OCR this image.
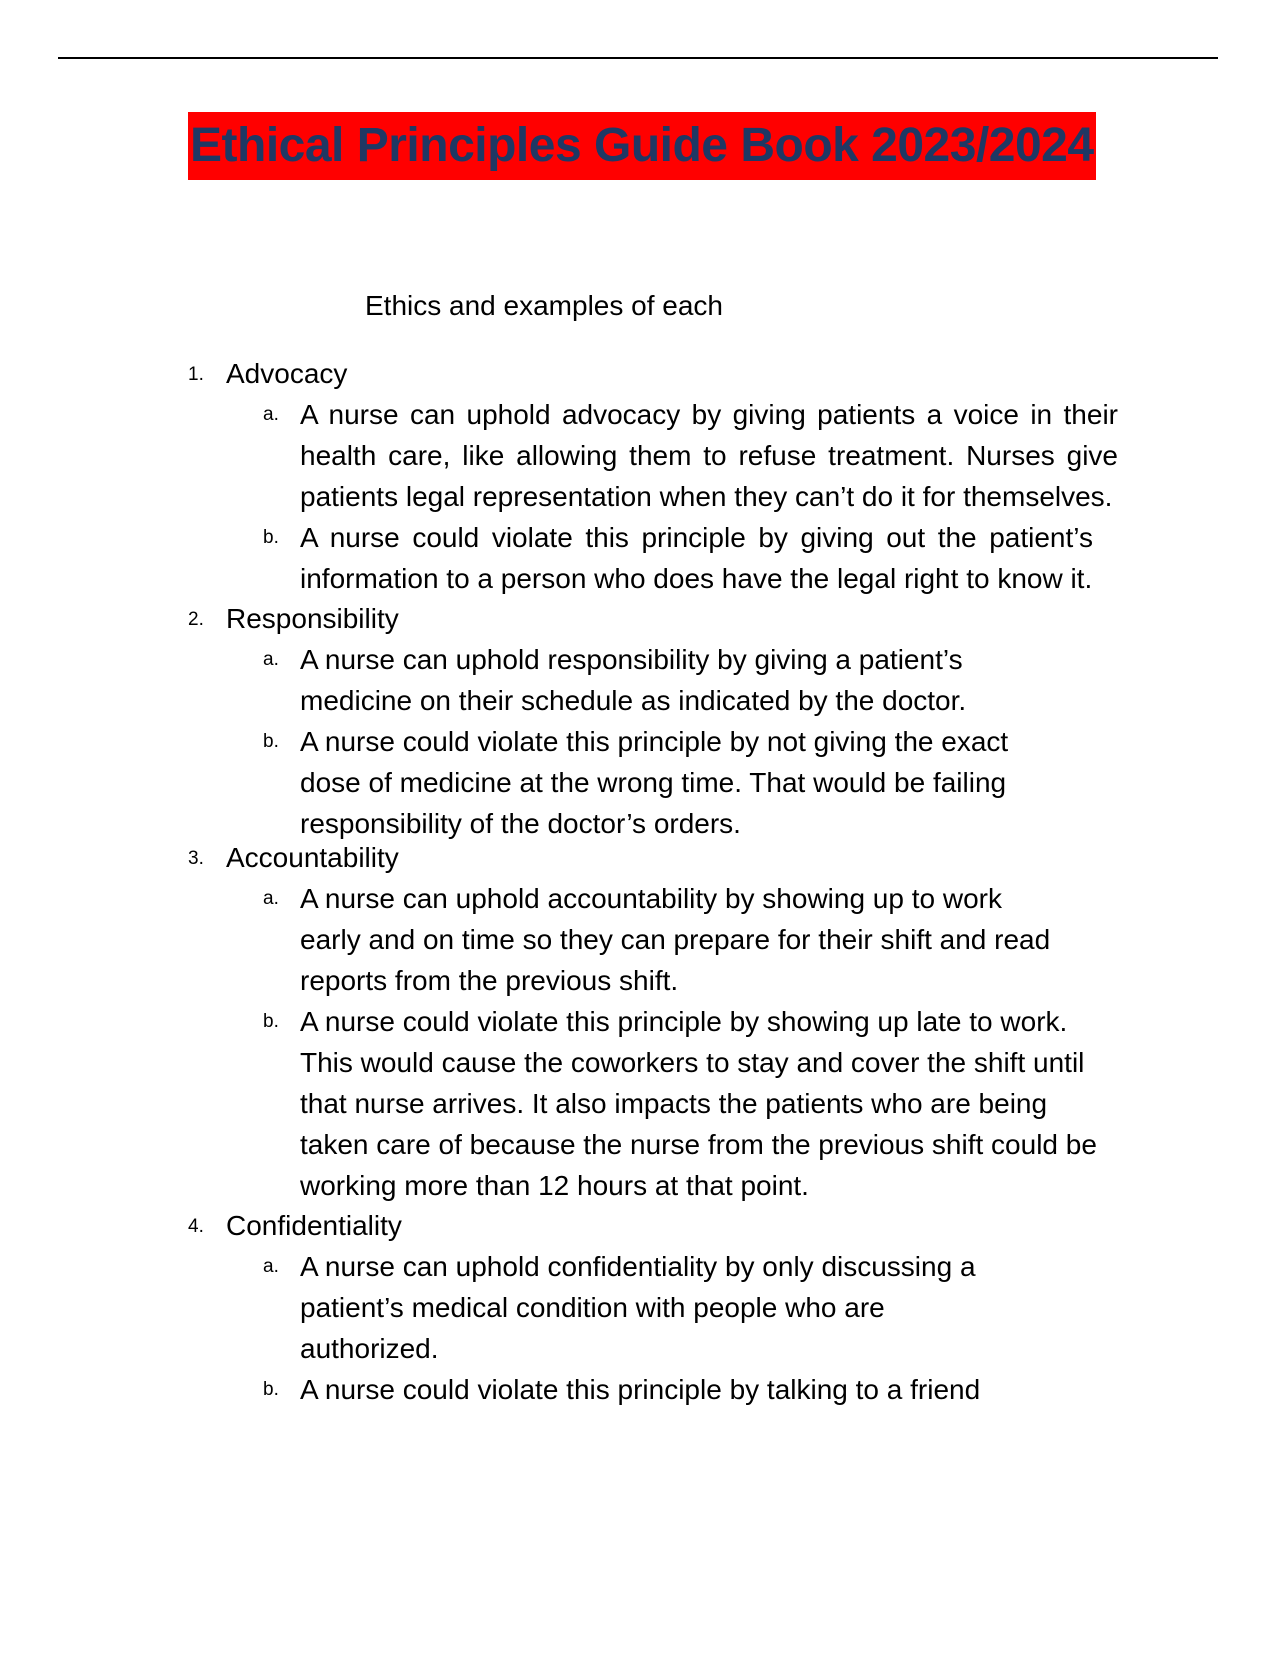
Ethical Principles Guide Book 2023/2024
Ethics and examples of each
1. Advocacy
a. A nurse can uphold advocacy by giving patients a voice in their health care, like allowing them to refuse treatment. Nurses give patients legal representation when they can’t do it for themselves.
b. A nurse could violate this principle by giving out the patient’s information to a person who does have the legal right to know it.
2. Responsibility
a. A nurse can uphold responsibility by giving a patient’s medicine on their schedule as indicated by the doctor.
b. A nurse could violate this principle by not giving the exact dose of medicine at the wrong time. That would be failing responsibility of the doctor’s orders.
3. Accountability
a. A nurse can uphold accountability by showing up to work early and on time so they can prepare for their shift and read reports from the previous shift.
b. A nurse could violate this principle by showing up late to work. This would cause the coworkers to stay and cover the shift until that nurse arrives. It also impacts the patients who are being taken care of because the nurse from the previous shift could be working more than 12 hours at that point.
4. Confidentiality
a. A nurse can uphold confidentiality by only discussing a patient’s medical condition with people who are authorized.
b. A nurse could violate this principle by talking to a friend
